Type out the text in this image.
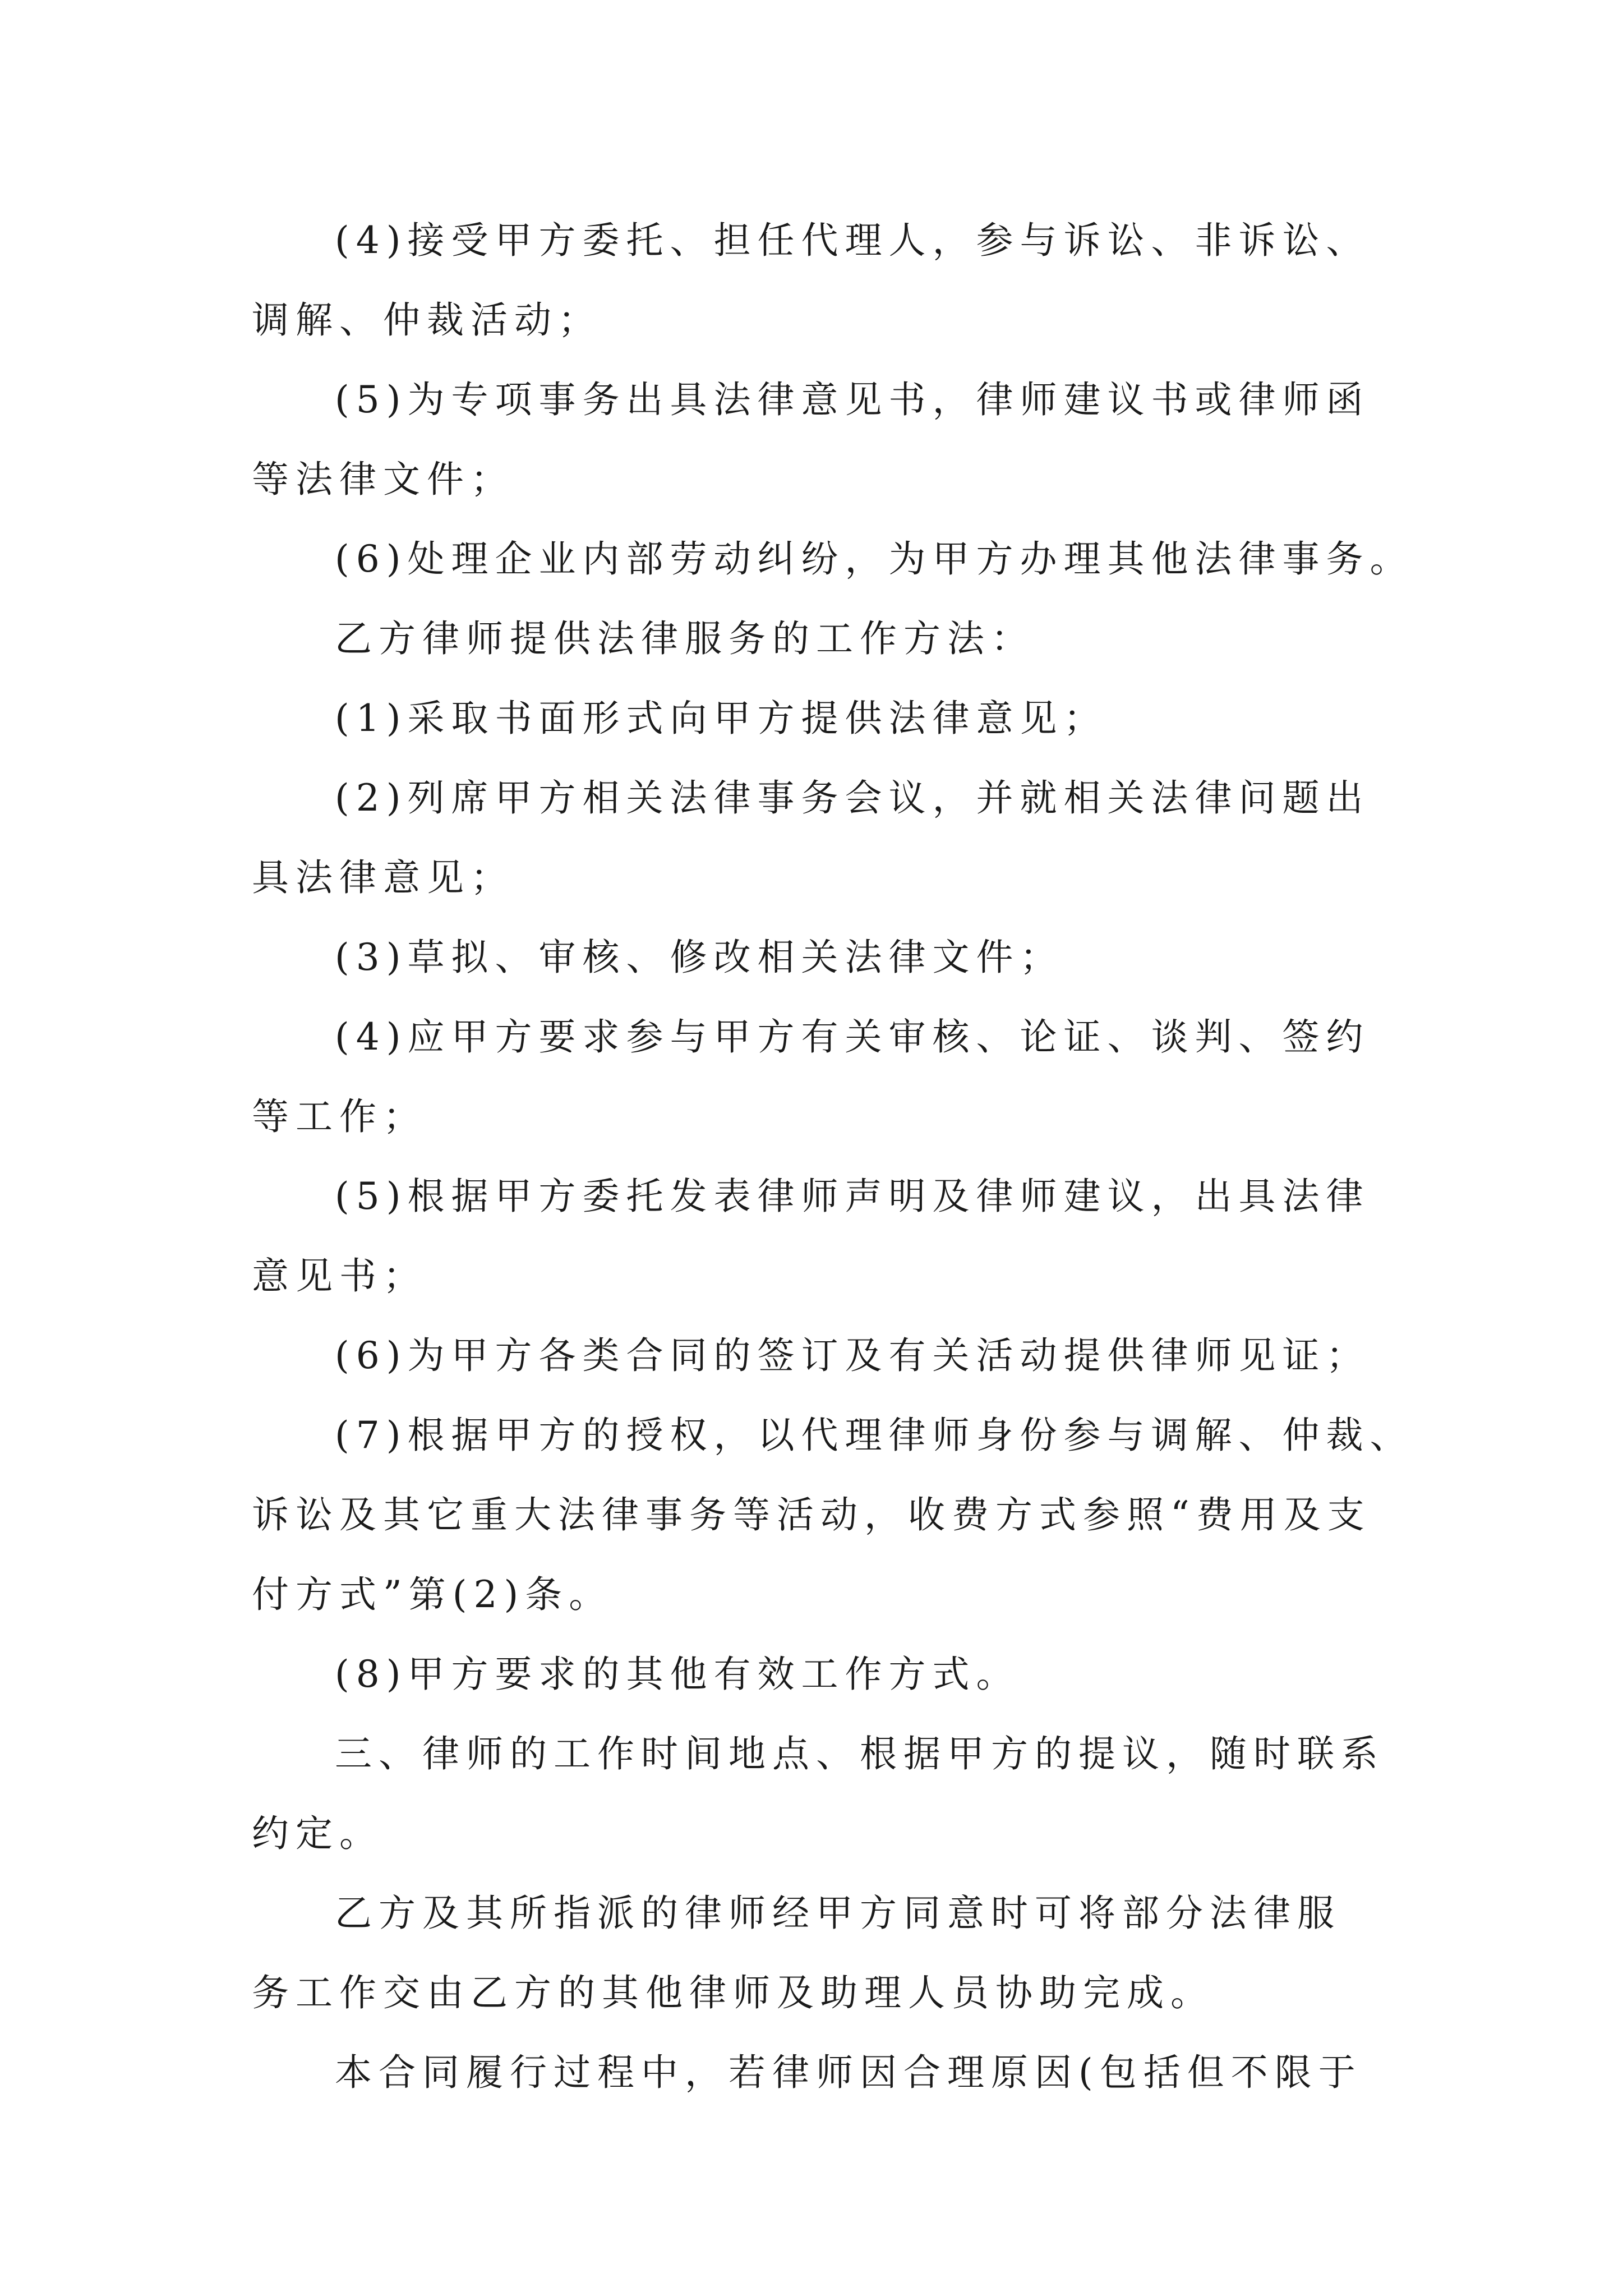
(4)接受甲方委托、担任代理人，参与诉讼、非诉讼、

调解、仲裁活动；

(5)为专项事务出具法律意见书，律师建议书或律师函

等法律文件；

(6)处理企业内部劳动纠纷，为甲方办理其他法律事务。

乙方律师提供法律服务的工作方法：

(1)采取书面形式向甲方提供法律意见；

(2)列席甲方相关法律事务会议，并就相关法律问题出

具法律意见；

(3)草拟、审核、修改相关法律文件；

(4)应甲方要求参与甲方有关审核、论证、谈判、签约

等工作；

(5)根据甲方委托发表律师声明及律师建议，出具法律

意见书；

(6)为甲方各类合同的签订及有关活动提供律师见证；

(7)根据甲方的授权，以代理律师身份参与调解、仲裁、

诉讼及其它重大法律事务等活动，收费方式参照“费用及支

付方式”第(2)条。

(8)甲方要求的其他有效工作方式。

三、律师的工作时间地点、根据甲方的提议，随时联系

约定。

乙方及其所指派的律师经甲方同意时可将部分法律服

务工作交由乙方的其他律师及助理人员协助完成。

本合同履行过程中，若律师因合理原因(包括但不限于
